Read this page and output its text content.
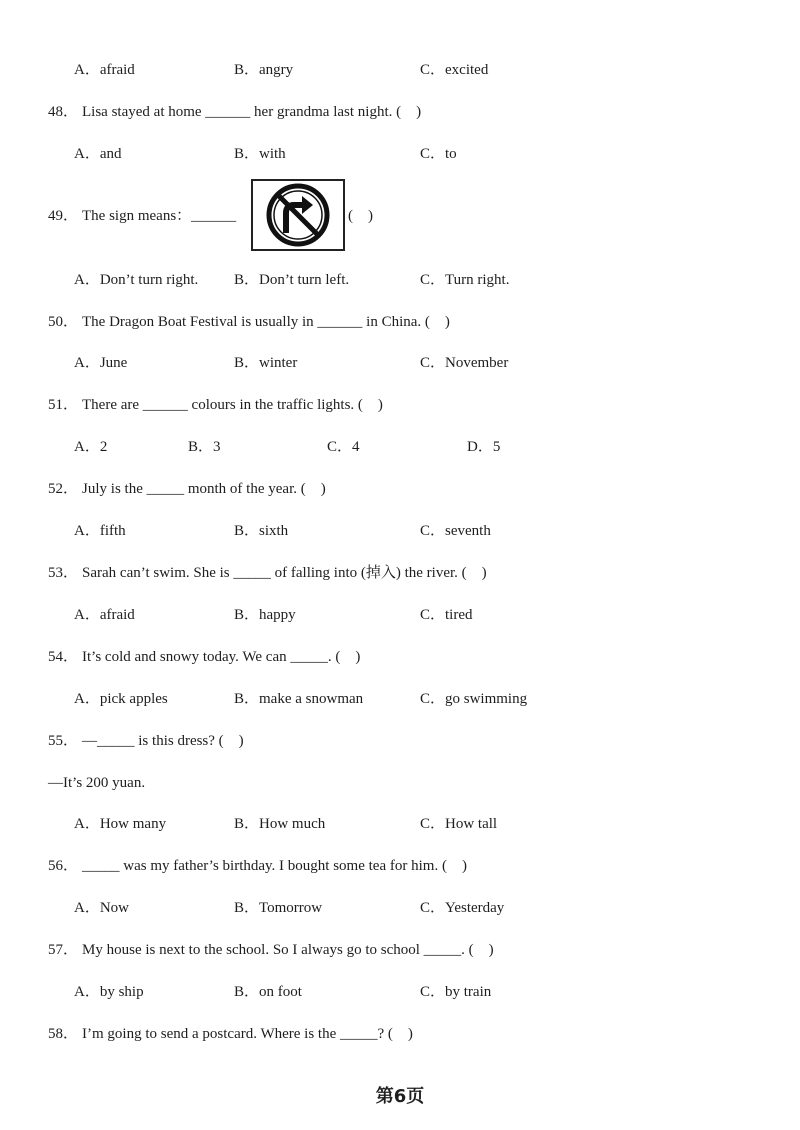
A．afraid	B．angry	C．excited
48． Lisa stayed at home ______ her grandma last night. (　)
A．and	B．with	C．to
49． The sign means：______	(　)
A．Don’t turn right. B．Don’t turn left.	C．Turn right.
50． The Dragon Boat Festival is usually in ______ in China. (　)
A．June	B．winter	C．November
51． There are ______ colours in the traffic lights. (　)
A．2	B．3	C．4	D．5
52． July is the _____ month of the year. (　)
A．fifth	B．sixth	C．seventh
53． Sarah can’t swim. She is _____ of falling into (掉入) the river. (　)
A．afraid	B．happy	C．tired
54． It’s cold and snowy today. We can _____. (　)
A．pick apples	B．make a snowman	C．go swimming
55． —_____ is this dress? (　)
—It’s 200 yuan.
A．How many	B．How much	C．How tall
56． _____ was my father’s birthday. I bought some tea for him. (　)
A．Now	B．Tomorrow	C．Yesterday
57． My house is next to the school. So I always go to school _____. (　)
A．by ship	B．on foot	C．by train
58． I’m going to send a postcard. Where is the _____? (　)
第6页
